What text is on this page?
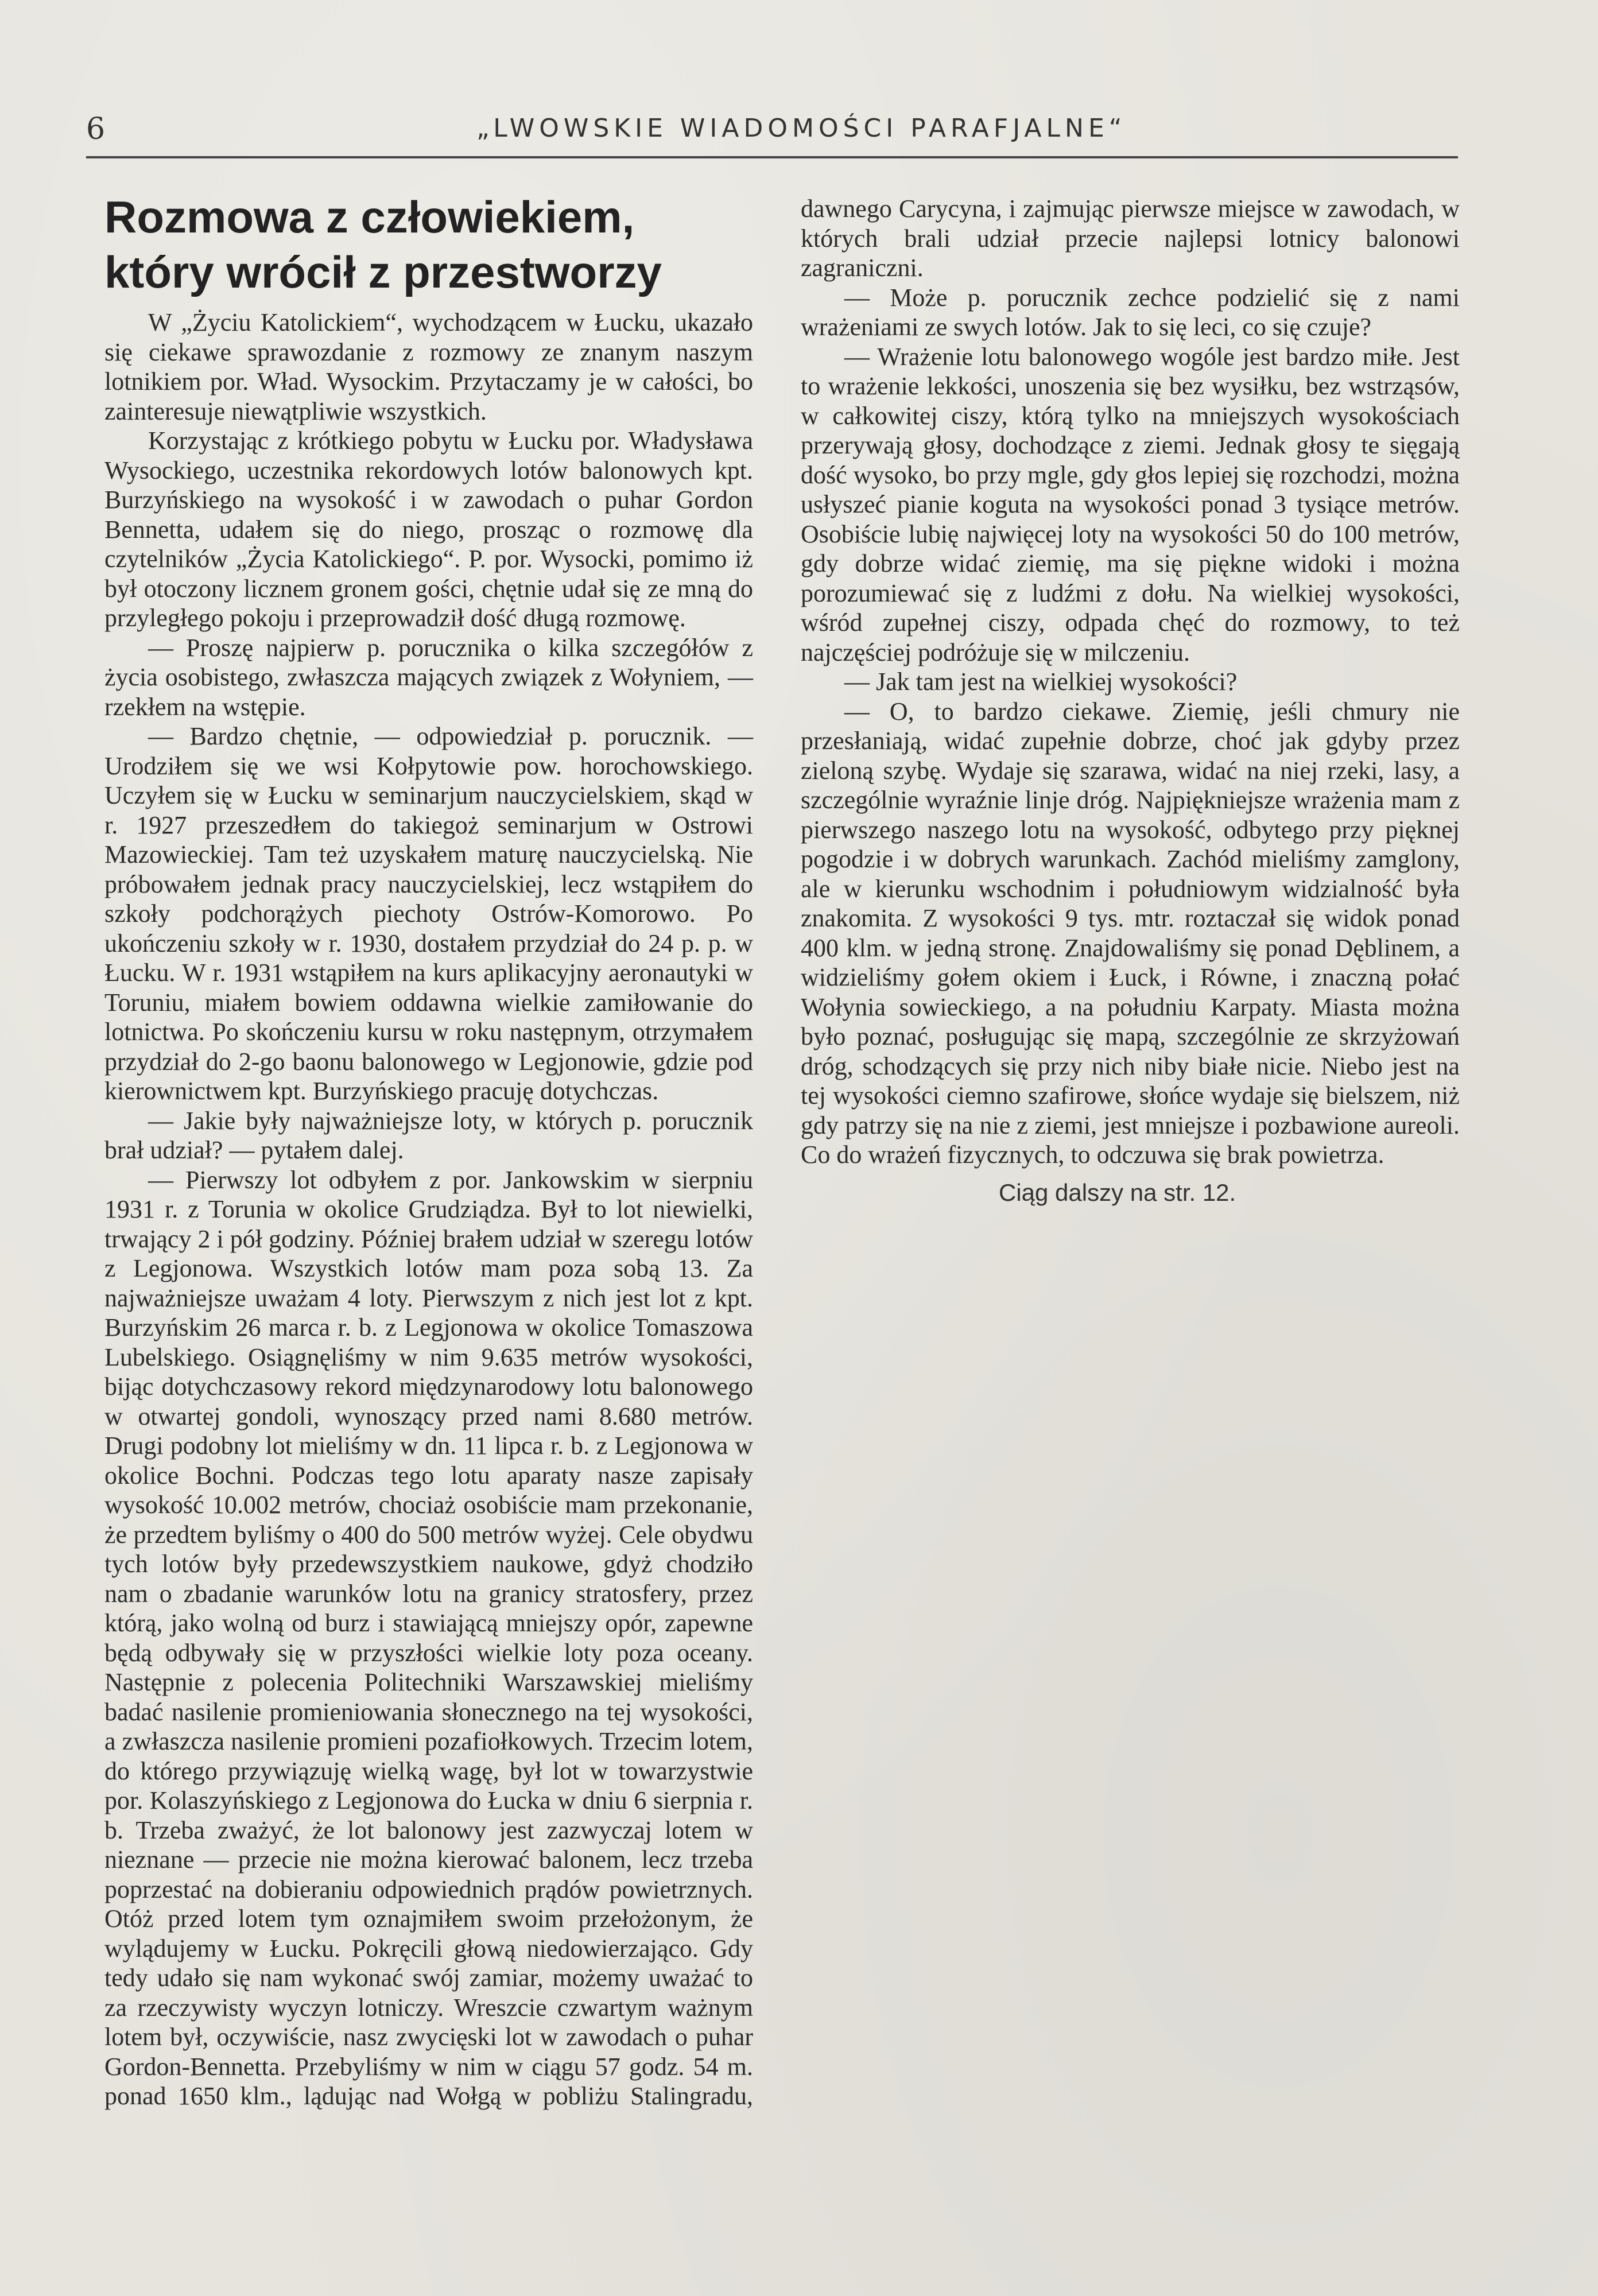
6	„LWOWSKIE WIADOMOŚCI PARAFJALNE“
Rozmowa z człowiekiem,
który wrócił z przestworzy

W „Życiu Katolickiem“, wychodzącem w Łucku, ukazało się ciekawe sprawozdanie z rozmowy ze znanym naszym lotnikiem por. Wład. Wysockim. Przytaczamy je w całości, bo zainteresuje niewątpliwie wszystkich.

Korzystając z krótkiego pobytu w Łucku por. Władysława Wysockiego, uczestnika rekordowych lotów balonowych kpt. Burzyńskiego na wysokość i w zawodach o puhar Gordon Bennetta, udałem się do niego, prosząc o rozmowę dla czytelników „Życia Katolickiego“. P. por. Wysocki, pomimo iż był otoczony licznem gronem gości, chętnie udał się ze mną do przyległego pokoju i przeprowadził dość długą rozmowę.

— Proszę najpierw p. porucznika o kilka szczegółów z życia osobistego, zwłaszcza mających związek z Wołyniem, — rzekłem na wstępie.

— Bardzo chętnie, — odpowiedział p. porucznik. — Urodziłem się we wsi Kołpytowie pow. horochowskiego. Uczyłem się w Łucku w seminarjum nauczycielskiem, skąd w r. 1927 przeszedłem do takiegoż seminarjum w Ostrowi Mazowieckiej. Tam też uzyskałem maturę nauczycielską. Nie próbowałem jednak pracy nauczycielskiej, lecz wstąpiłem do szkoły podchorążych piechoty Ostrów-Komorowo. Po ukończeniu szkoły w r. 1930, dostałem przydział do 24 p. p. w Łucku. W r. 1931 wstąpiłem na kurs aplikacyjny aeronautyki w Toruniu, miałem bowiem oddawna wielkie zamiłowanie do lotnictwa. Po skończeniu kursu w roku następnym, otrzymałem przydział do 2-go baonu balonowego w Legjonowie, gdzie pod kierownictwem kpt. Burzyńskiego pracuję dotychczas.

— Jakie były najważniejsze loty, w których p. porucznik brał udział? — pytałem dalej.

— Pierwszy lot odbyłem z por. Jankowskim w sierpniu 1931 r. z Torunia w okolice Grudziądza. Był to lot niewielki, trwający 2 i pół godziny. Później brałem udział w szeregu lotów z Legjonowa. Wszystkich lotów mam poza sobą 13. Za najważniejsze uważam 4 loty. Pierwszym z nich jest lot z kpt. Burzyńskim 26 marca r. b. z Legjonowa w okolice Tomaszowa Lubelskiego. Osiągnęliśmy w nim 9.635 metrów wysokości, bijąc dotychczasowy rekord międzynarodowy lotu balonowego w otwartej gondoli, wynoszący przed nami 8.680 metrów. Drugi podobny lot mieliśmy w dn. 11 lipca r. b. z Legjonowa w okolice Bochni. Podczas tego lotu aparaty nasze zapisały wysokość 10.002 metrów, chociaż osobiście mam przekonanie, że przedtem byliśmy o 400 do 500 metrów wyżej. Cele obydwu tych lotów były przedewszystkiem naukowe, gdyż chodziło nam o zbadanie warunków lotu na granicy stratosfery, przez którą, jako wolną od burz i stawiającą mniejszy opór, zapewne będą odbywały się w przyszłości wielkie loty poza oceany. Następnie z polecenia Politechniki Warszawskiej mieliśmy badać nasilenie promieniowania słonecznego na tej wysokości, a zwłaszcza nasilenie promieni pozafiołkowych. Trzecim lotem, do którego przywiązuję wielką wagę, był lot w towarzystwie por. Kolaszyńskiego z Legjonowa do Łucka w dniu 6 sierpnia r. b. Trzeba zważyć, że lot balonowy jest zazwyczaj lotem w nieznane — przecie nie można kierować balonem, lecz trzeba poprzestać na dobieraniu odpowiednich prądów powietrznych. Otóż przed lotem tym oznajmiłem swoim przełożonym, że wylądujemy w Łucku. Pokręcili głową niedowierzająco. Gdy tedy udało się nam wykonać swój zamiar, możemy uważać to za rzeczywisty wyczyn lotniczy. Wreszcie czwartym ważnym lotem był, oczywiście, nasz zwycięski lot w zawodach o puhar Gordon-Bennetta. Przebyliśmy w nim w ciągu 57 godz. 54 m. ponad 1650 klm., lądując nad Wołgą w pobliżu Stalingradu,

dawnego Carycyna, i zajmując pierwsze miejsce w zawodach, w których brali udział przecie najlepsi lotnicy balonowi zagraniczni.

— Może p. porucznik zechce podzielić się z nami wrażeniami ze swych lotów. Jak to się leci, co się czuje?

— Wrażenie lotu balonowego wogóle jest bardzo miłe. Jest to wrażenie lekkości, unoszenia się bez wysiłku, bez wstrząsów, w całkowitej ciszy, którą tylko na mniejszych wysokościach przerywają głosy, dochodzące z ziemi. Jednak głosy te sięgają dość wysoko, bo przy mgle, gdy głos lepiej się rozchodzi, można usłyszeć pianie koguta na wysokości ponad 3 tysiące metrów. Osobiście lubię najwięcej loty na wysokości 50 do 100 metrów, gdy dobrze widać ziemię, ma się piękne widoki i można porozumiewać się z ludźmi z dołu. Na wielkiej wysokości, wśród zupełnej ciszy, odpada chęć do rozmowy, to też najczęściej podróżuje się w milczeniu.

— Jak tam jest na wielkiej wysokości?

— O, to bardzo ciekawe. Ziemię, jeśli chmury nie przesłaniają, widać zupełnie dobrze, choć jak gdyby przez zieloną szybę. Wydaje się szarawa, widać na niej rzeki, lasy, a szczególnie wyraźnie linje dróg. Najpiękniejsze wrażenia mam z pierwszego naszego lotu na wysokość, odbytego przy pięknej pogodzie i w dobrych warunkach. Zachód mieliśmy zamglony, ale w kierunku wschodnim i południowym widzialność była znakomita. Z wysokości 9 tys. mtr. roztaczał się widok ponad 400 klm. w jedną stronę. Znajdowaliśmy się ponad Dęblinem, a widzieliśmy gołem okiem i Łuck, i Równe, i znaczną połać Wołynia sowieckiego, a na południu Karpaty. Miasta można było poznać, posługując się mapą, szczególnie ze skrzyżowań dróg, schodzących się przy nich niby białe nicie. Niebo jest na tej wysokości ciemno szafirowe, słońce wydaje się bielszem, niż gdy patrzy się na nie z ziemi, jest mniejsze i pozbawione aureoli. Co do wrażeń fizycznych, to odczuwa się brak powietrza.

Ciąg dalszy na str. 12.
